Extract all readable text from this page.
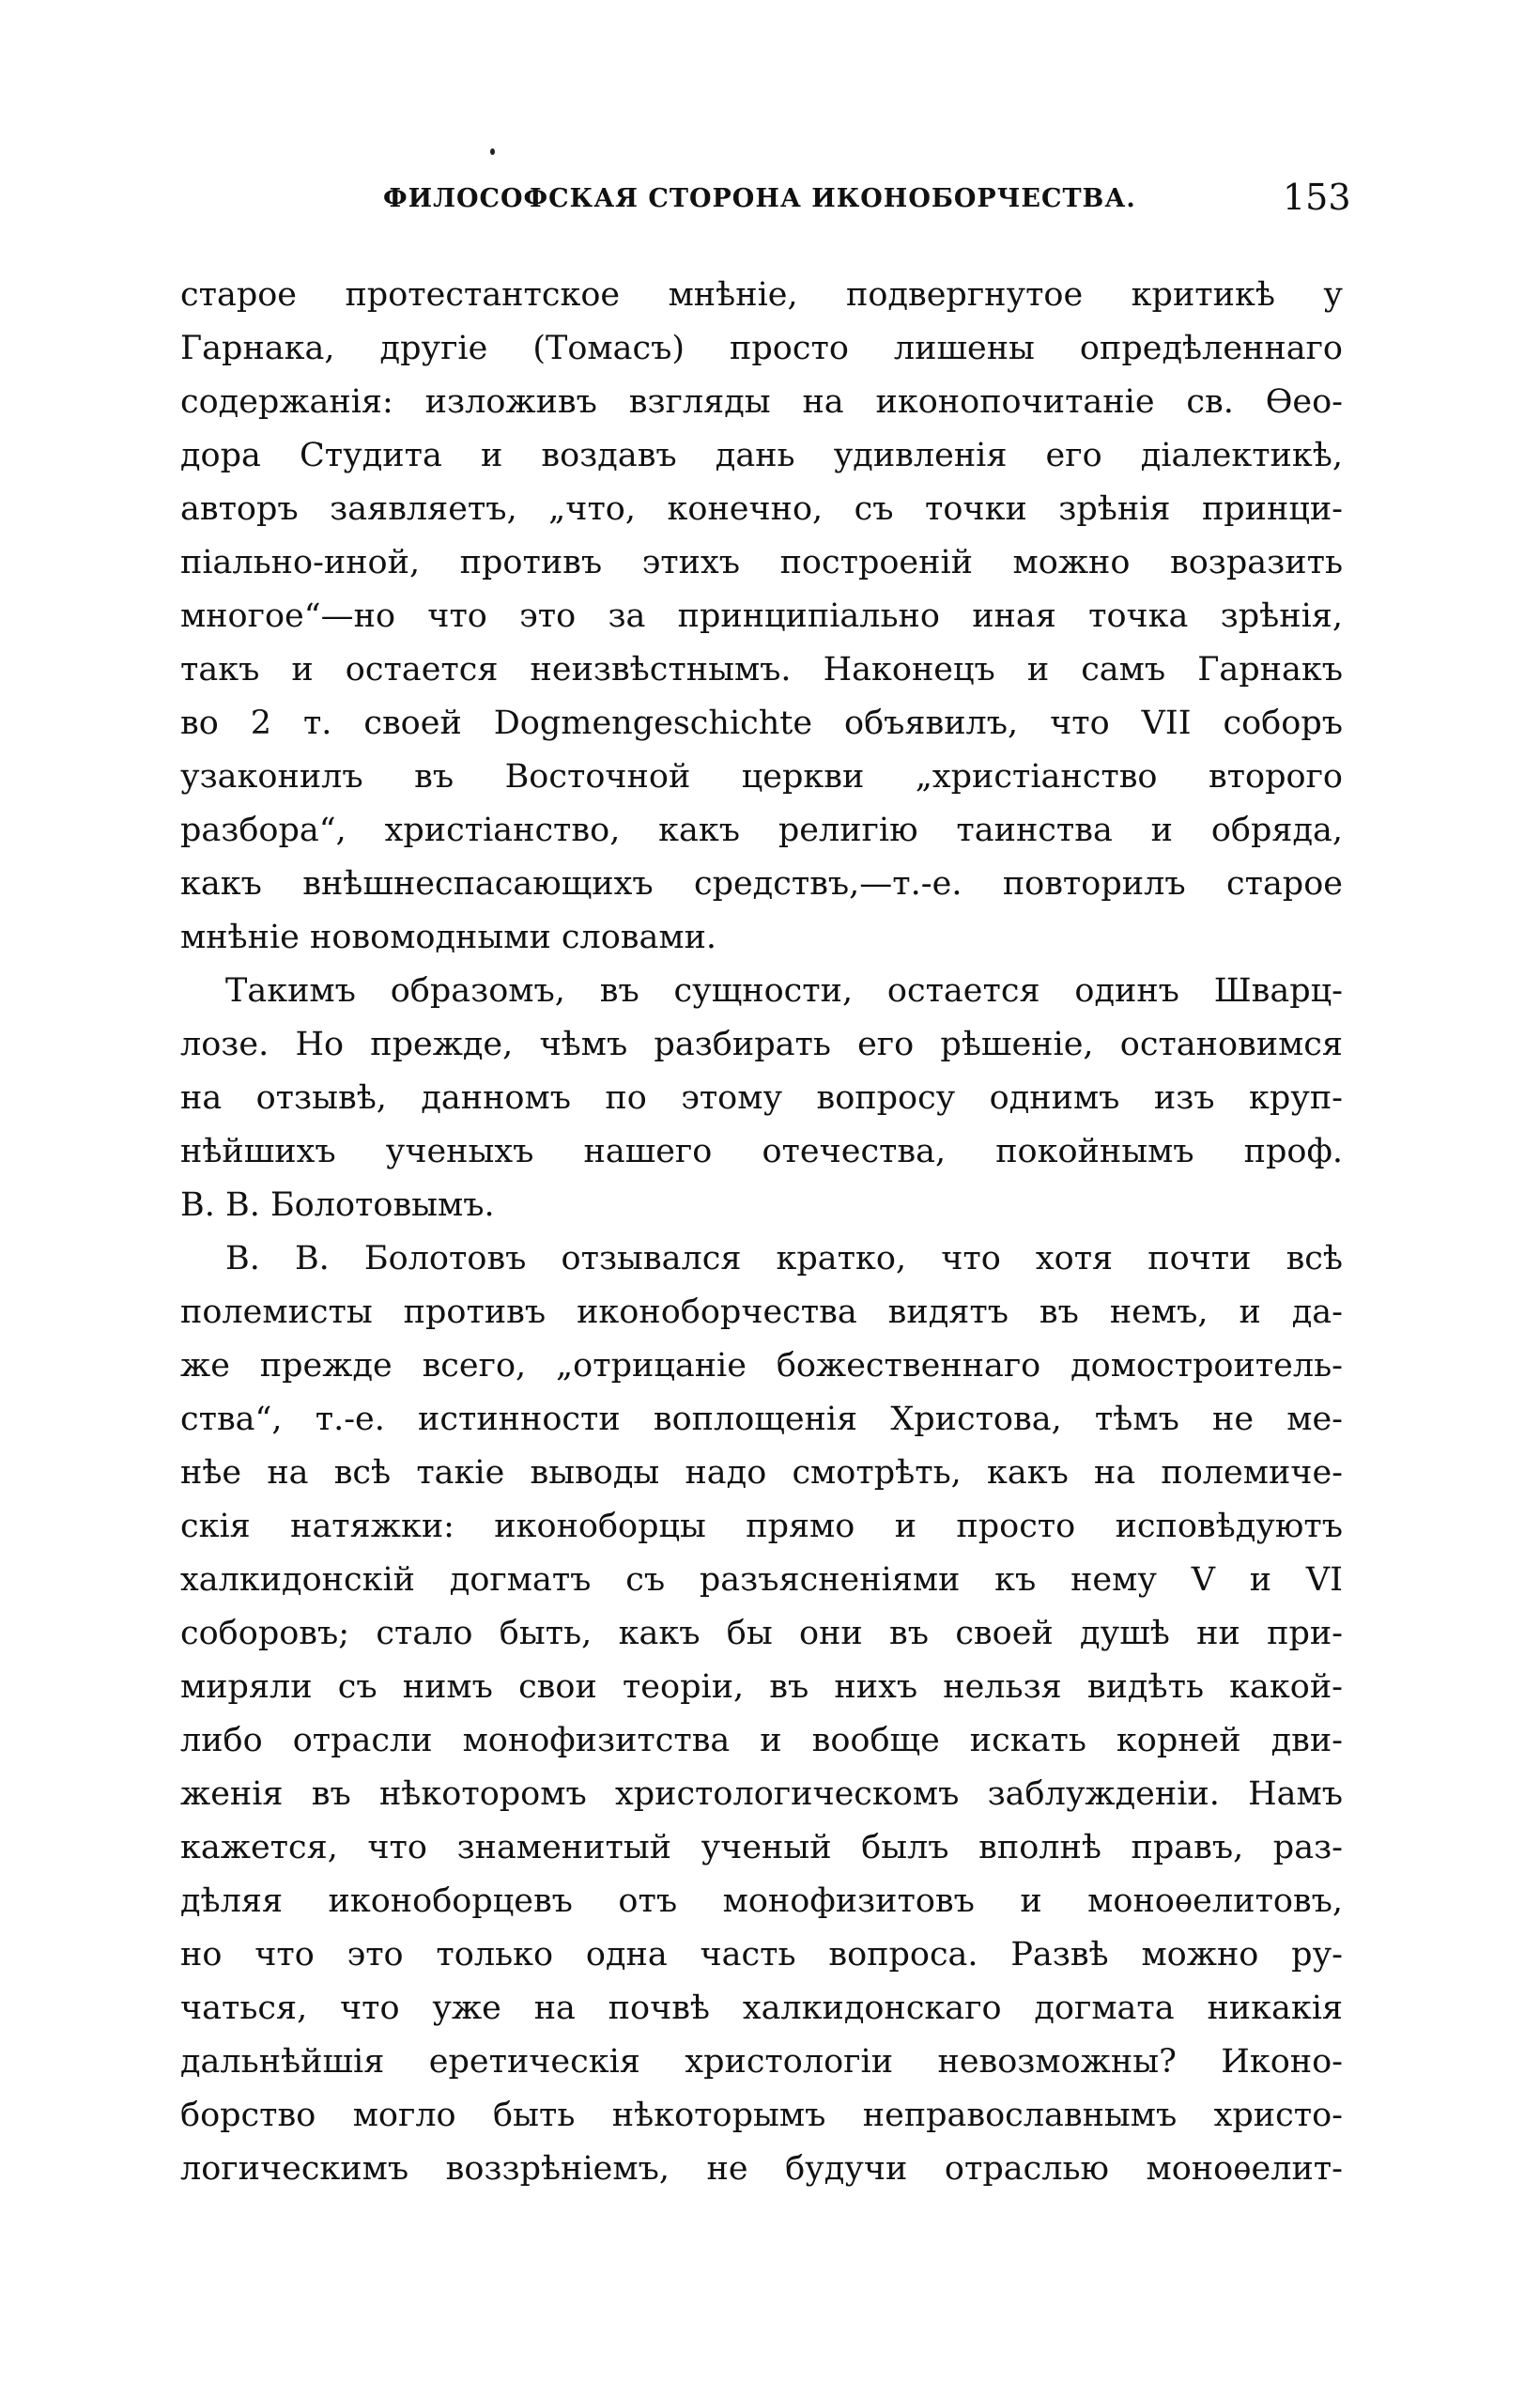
ФИЛОСОФСКАЯ СТОРОНА ИКОНОБОРЧЕСТВА.	153
старое протестантское мнѣніе, подвергнутое критикѣ у
Гарнака, другіе (Томасъ) просто лишены опредѣленнаго
содержанія: изложивъ взгляды на иконопочитаніе св. Ѳео-
дора Студита и воздавъ дань удивленія его діалектикѣ,
авторъ заявляетъ, „что, конечно, съ точки зрѣнія принци-
піально-иной, противъ этихъ построеній можно возразить
многое“—но что это за принципіально иная точка зрѣнія,
такъ и остается неизвѣстнымъ. Наконецъ и самъ Гарнакъ
во 2 т. своей Dogmengeschichte объявилъ, что VII соборъ
узаконилъ въ Восточной церкви „христіанство второго
разбора“, христіанство, какъ религію таинства и обряда,
какъ внѣшнеспасающихъ средствъ,—т.-е. повторилъ старое
мнѣніе новомодными словами.
Такимъ образомъ, въ сущности, остается одинъ Шварц-
лозе. Но прежде, чѣмъ разбирать его рѣшеніе, остановимся
на отзывѣ, данномъ по этому вопросу однимъ изъ круп-
нѣйшихъ ученыхъ нашего отечества, покойнымъ проф.
В. В. Болотовымъ.
В. В. Болотовъ отзывался кратко, что хотя почти всѣ
полемисты противъ иконоборчества видятъ въ немъ, и да-
же прежде всего, „отрицаніе божественнаго домостроитель-
ства“, т.-е. истинности воплощенія Христова, тѣмъ не ме-
нѣе на всѣ такіе выводы надо смотрѣть, какъ на полемиче-
скія натяжки: иконоборцы прямо и просто исповѣдуютъ
халкидонскій догматъ съ разъясненіями къ нему V и VI
соборовъ; стало быть, какъ бы они въ своей душѣ ни при-
миряли съ нимъ свои теоріи, въ нихъ нельзя видѣть какой-
либо отрасли монофизитства и вообще искать корней дви-
женія въ нѣкоторомъ христологическомъ заблужденіи. Намъ
кажется, что знаменитый ученый былъ вполнѣ правъ, раз-
дѣляя иконоборцевъ отъ монофизитовъ и моноѳелитовъ,
но что это только одна часть вопроса. Развѣ можно ру-
чаться, что уже на почвѣ халкидонскаго догмата никакія
дальнѣйшія еретическія христологіи невозможны? Иконо-
борство могло быть нѣкоторымъ неправославнымъ христо-
логическимъ воззрѣніемъ, не будучи отраслью моноѳелит-
